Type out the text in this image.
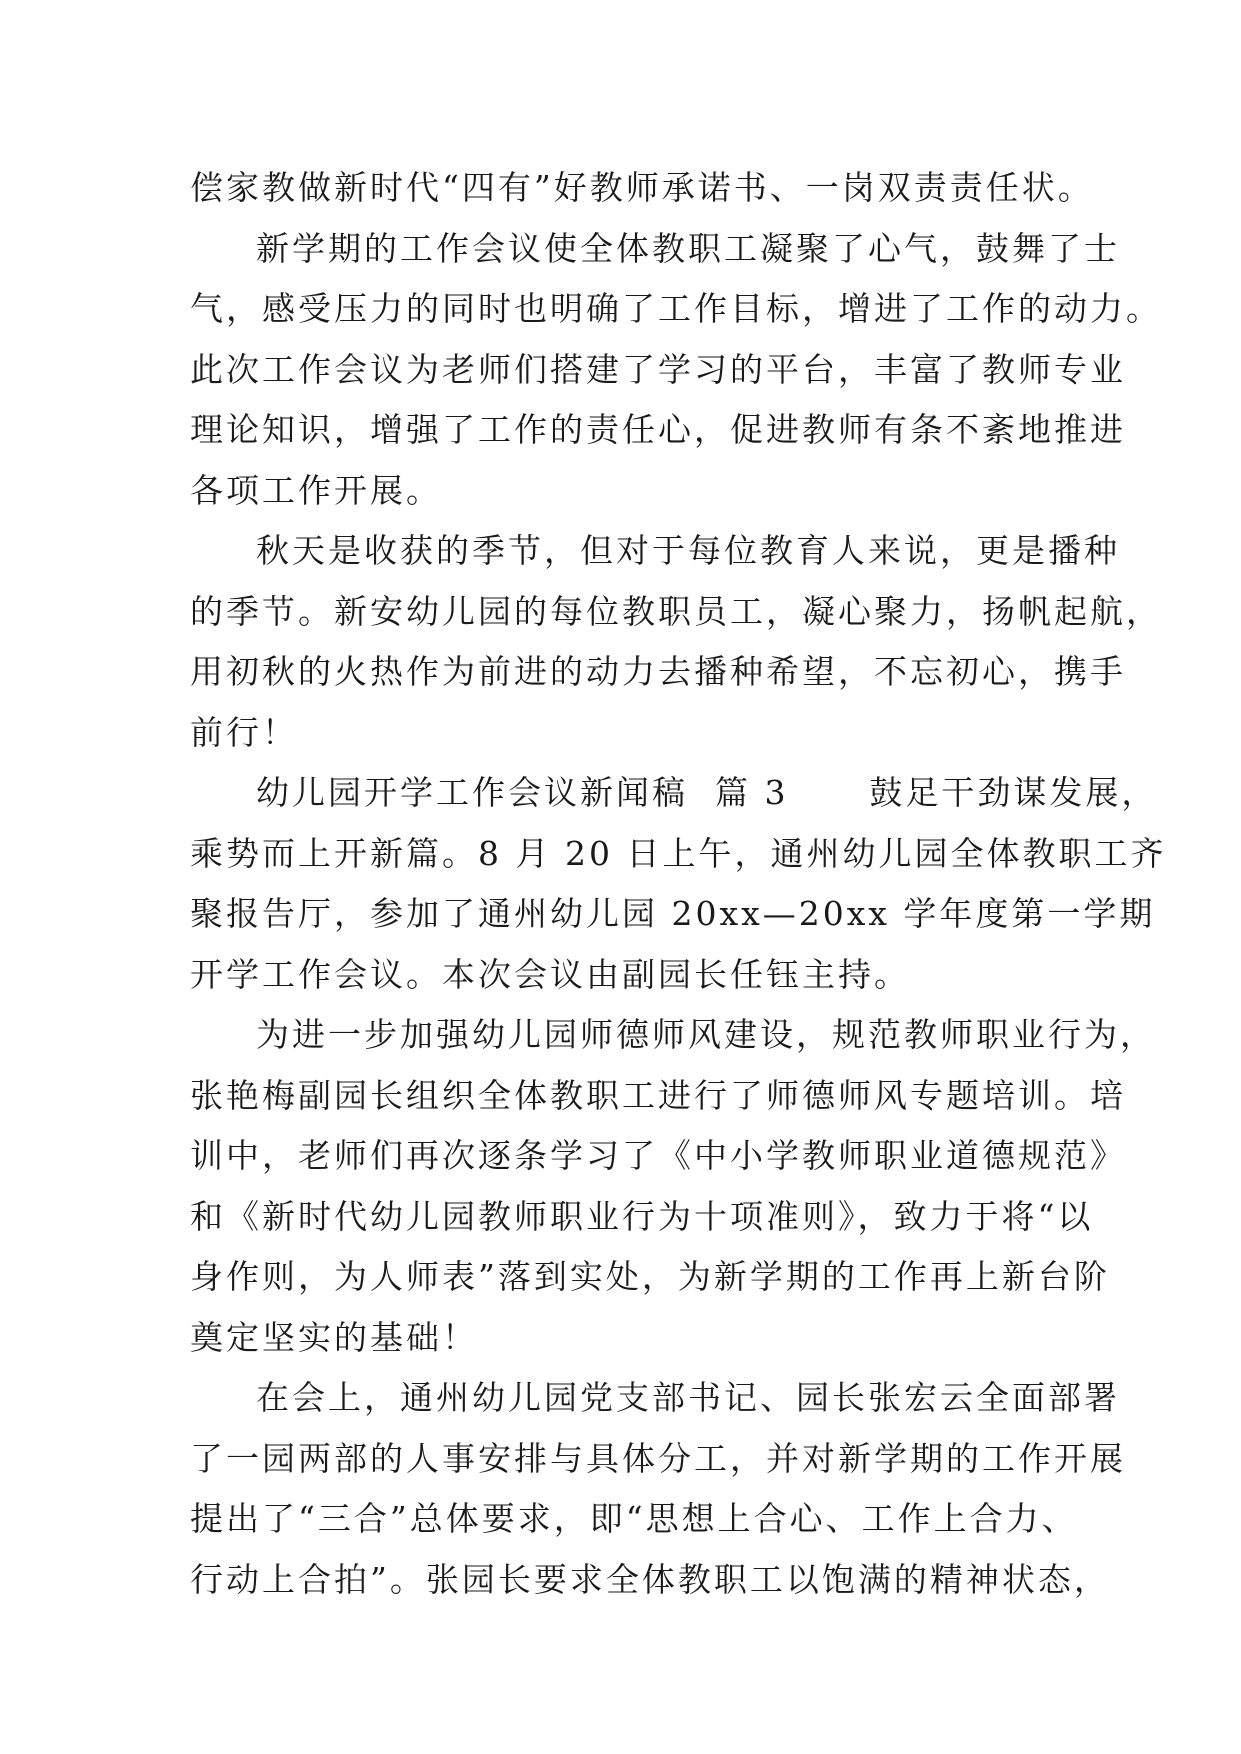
偿家教做新时代“四有”好教师承诺书、一岗双责责任状。
新学期的工作会议使全体教职工凝聚了心气，鼓舞了士
气，感受压力的同时也明确了工作目标，增进了工作的动力。
此次工作会议为老师们搭建了学习的平台，丰富了教师专业
理论知识，增强了工作的责任心，促进教师有条不紊地推进
各项工作开展。
秋天是收获的季节，但对于每位教育人来说，更是播种
的季节。新安幼儿园的每位教职员工，凝心聚力，扬帆起航，
用初秋的火热作为前进的动力去播种希望，不忘初心，携手
前行！
幼儿园开学工作会议新闻稿  篇 3      鼓足干劲谋发展，
乘势而上开新篇。8 月 20 日上午，通州幼儿园全体教职工齐
聚报告厅，参加了通州幼儿园 20xx—20xx 学年度第一学期
开学工作会议。本次会议由副园长任钰主持。
为进一步加强幼儿园师德师风建设，规范教师职业行为，
张艳梅副园长组织全体教职工进行了师德师风专题培训。培
训中，老师们再次逐条学习了《中小学教师职业道德规范》
和《新时代幼儿园教师职业行为十项准则》，致力于将“以
身作则，为人师表”落到实处，为新学期的工作再上新台阶
奠定坚实的基础！
在会上，通州幼儿园党支部书记、园长张宏云全面部署
了一园两部的人事安排与具体分工，并对新学期的工作开展
提出了“三合”总体要求，即“思想上合心、工作上合力、
行动上合拍”。张园长要求全体教职工以饱满的精神状态，
